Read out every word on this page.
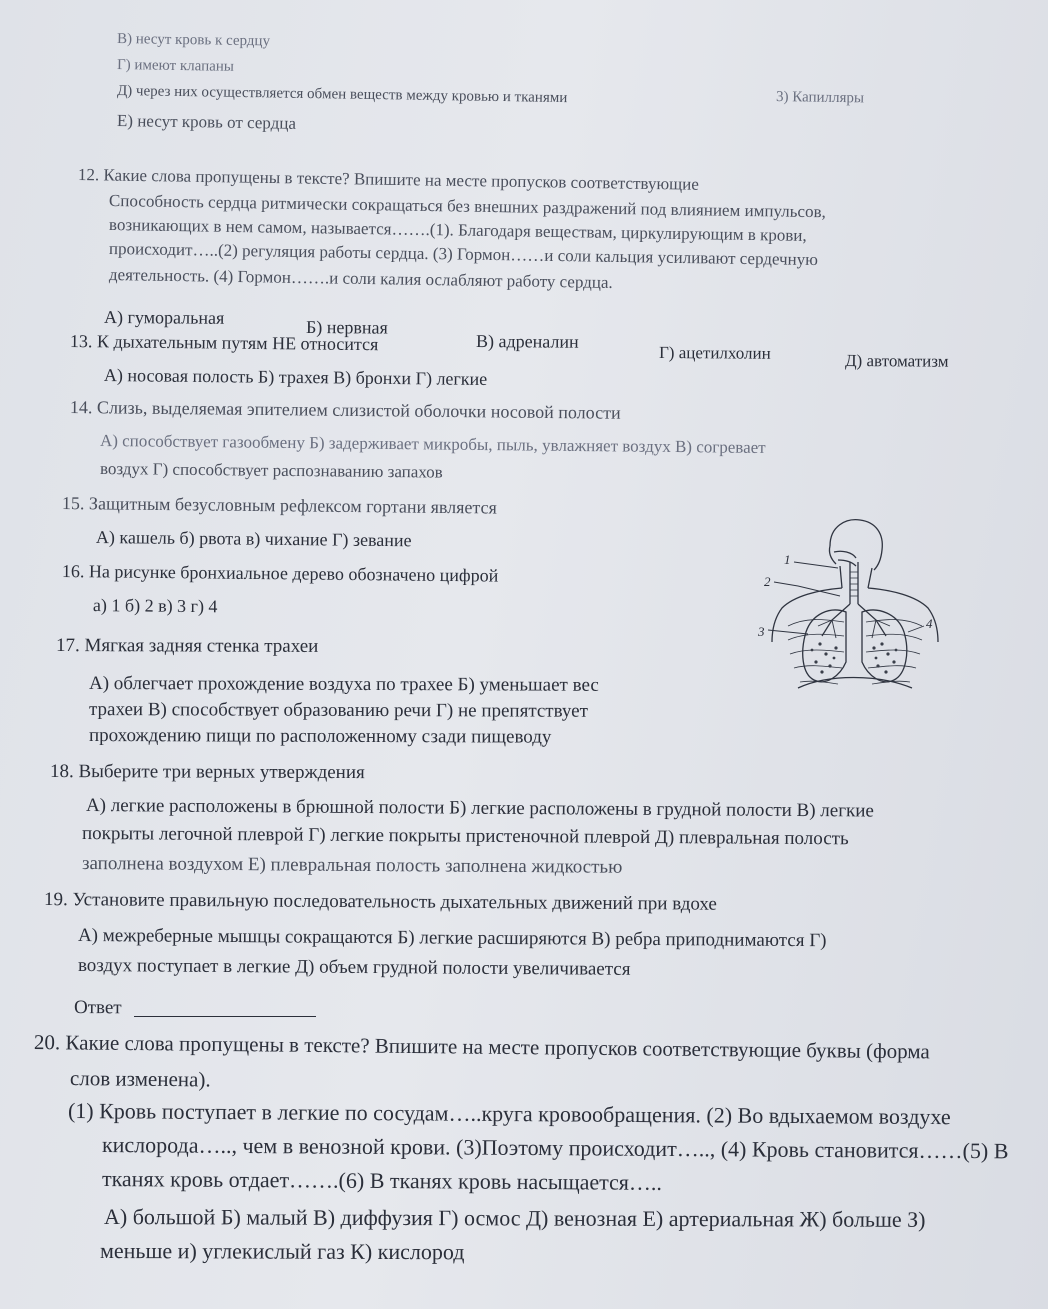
В) несут кровь к сердцу
Г) имеют клапаны
3) Капилляры
Д) через них осуществляется обмен веществ между кровью и тканями
Е) несут кровь от сердца
12. Какие слова пропущены в тексте? Впишите на месте пропусков соответствующие
Способность сердца ритмически сокращаться без внешних раздражений под влиянием импульсов,
возникающих в нем самом, называется…….(1). Благодаря веществам, циркулирующим в крови,
происходит…..(2) регуляция работы сердца. (3) Гормон……и соли кальция усиливают сердечную
деятельность. (4) Гормон…….и соли калия ослабляют работу сердца.
А) гуморальная	Б) нервная
В) адреналин
Г) ацетилхолин	Д) автоматизм
13. К дыхательным путям НЕ относится
А) носовая полость Б) трахея В) бронхи Г) легкие
14. Слизь, выделяемая эпителием слизистой оболочки носовой полости
А) способствует газообмену Б) задерживает микробы, пыль, увлажняет воздух В) согревает
воздух Г) способствует распознаванию запахов
15. Защитным безусловным рефлексом гортани является
А) кашель б) рвота в) чихание Г) зевание
16. На рисунке бронхиальное дерево обозначено цифрой
а) 1 б) 2 в) 3 г) 4
17. Мягкая задняя стенка трахеи
А) облегчает прохождение воздуха по трахее Б) уменьшает вес
трахеи В) способствует образованию речи Г) не препятствует
прохождению пищи по расположенному сзади пищеводу
18. Выберите три верных утверждения
А) легкие расположены в брюшной полости Б) легкие расположены в грудной полости В) легкие
покрыты легочной плеврой Г) легкие покрыты пристеночной плеврой Д) плевральная полость
заполнена воздухом Е) плевральная полость заполнена жидкостью
19. Установите правильную последовательность дыхательных движений при вдохе
А) межреберные мышцы сокращаются Б) легкие расширяются В) ребра приподнимаются Г)
воздух поступает в легкие Д) объем грудной полости увеличивается
Ответ
20. Какие слова пропущены в тексте? Впишите на месте пропусков соответствующие буквы (форма
слов изменена).
(1) Кровь поступает в легкие по сосудам…..круга кровообращения. (2) Во вдыхаемом воздухе
кислорода….., чем в венозной крови. (3)Поэтому происходит….., (4) Кровь становится……(5) В
тканях кровь отдает…….(6) В тканях кровь насыщается…..
А) большой Б) малый В) диффузия Г) осмос Д) венозная Е) артериальная Ж) больше З)
меньше и) углекислый газ К) кислород
1
2
3
4
